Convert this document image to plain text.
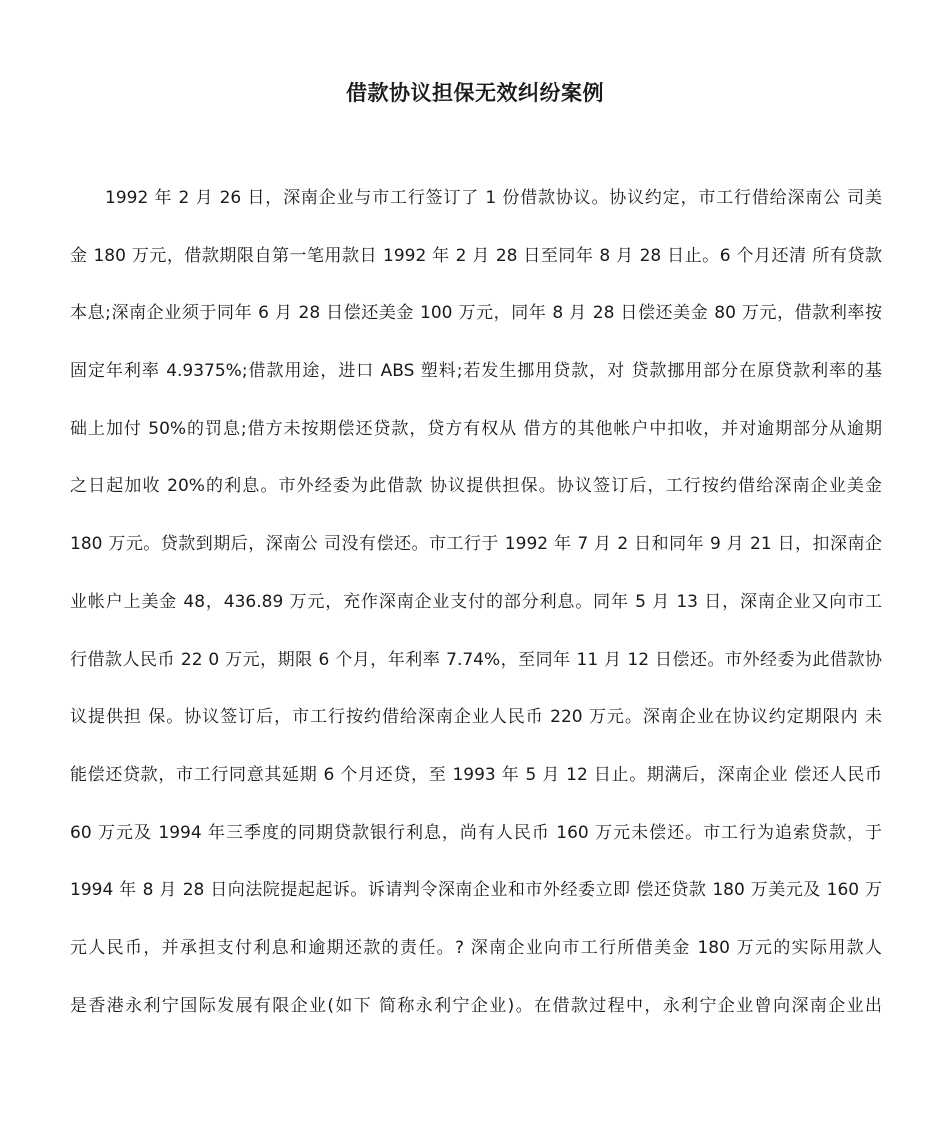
借款协议担保无效纠纷案例
1992 年 2 月 26 日，深南企业与市工行签订了 1 份借款协议。协议约定，市工行借给深南公 司美
金 180 万元，借款期限自第一笔用款日 1992 年 2 月 28 日至同年 8 月 28 日止。6 个月还清 所有贷款
本息;深南企业须于同年 6 月 28 日偿还美金 100 万元，同年 8 月 28 日偿还美金 80 万元，借款利率按
固定年利率 4.9375%;借款用途，进口 ABS 塑料;若发生挪用贷款，对 贷款挪用部分在原贷款利率的基
础上加付 50%的罚息;借方未按期偿还贷款，贷方有权从 借方的其他帐户中扣收，并对逾期部分从逾期
之日起加收 20%的利息。市外经委为此借款 协议提供担保。协议签订后，工行按约借给深南企业美金
180 万元。贷款到期后，深南公 司没有偿还。市工行于 1992 年 7 月 2 日和同年 9 月 21 日，扣深南企
业帐户上美金 48，436.89 万元，充作深南企业支付的部分利息。同年 5 月 13 日，深南企业又向市工
行借款人民币 22 0 万元，期限 6 个月，年利率 7.74%，至同年 11 月 12 日偿还。市外经委为此借款协
议提供担 保。协议签订后，市工行按约借给深南企业人民币 220 万元。深南企业在协议约定期限内 未
能偿还贷款，市工行同意其延期 6 个月还贷，至 1993 年 5 月 12 日止。期满后，深南企业 偿还人民币
60 万元及 1994 年三季度的同期贷款银行利息，尚有人民币 160 万元未偿还。市工行为追索贷款，于
1994 年 8 月 28 日向法院提起起诉。诉请判令深南企业和市外经委立即 偿还贷款 180 万美元及 160 万
元人民币，并承担支付利息和逾期还款的责任。? 深南企业向市工行所借美金 180 万元的实际用款人
是香港永利宁国际发展有限企业(如下 简称永利宁企业)。在借款过程中，永利宁企业曾向深南企业出
